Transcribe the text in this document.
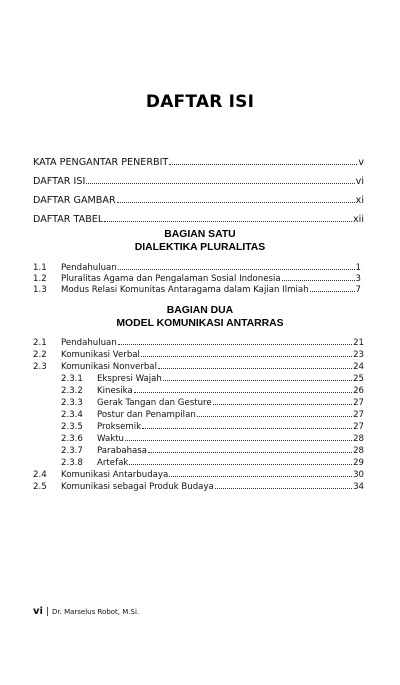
DAFTAR ISI
KATA PENGANTAR PENERBIT	v
DAFTAR ISI	vi
DAFTAR GAMBAR	xi
DAFTAR TABEL	xii
BAGIAN SATU
DIALEKTIKA PLURALITAS
1.1	Pendahuluan	1
1.2	Pluralitas Agama dan Pengalaman Sosial Indonesia	3
1.3	Modus Relasi Komunitas Antaragama dalam Kajian Ilmiah	7
BAGIAN DUA
MODEL KOMUNIKASI ANTARRAS
2.1	Pendahuluan	21
2.2	Komunikasi Verbal	23
2.3	Komunikasi Nonverbal	24
2.3.1	Ekspresi Wajah	25
2.3.2	Kinesika	26
2.3.3	Gerak Tangan dan Gesture	27
2.3.4	Postur dan Penampilan	27
2.3.5	Proksemik	27
2.3.6	Waktu	28
2.3.7	Parabahasa	28
2.3.8	Artefak	29
2.4	Komunikasi Antarbudaya	30
2.5	Komunikasi sebagai Produk Budaya	34
vi | Dr. Marselus Robot, M.Si.
